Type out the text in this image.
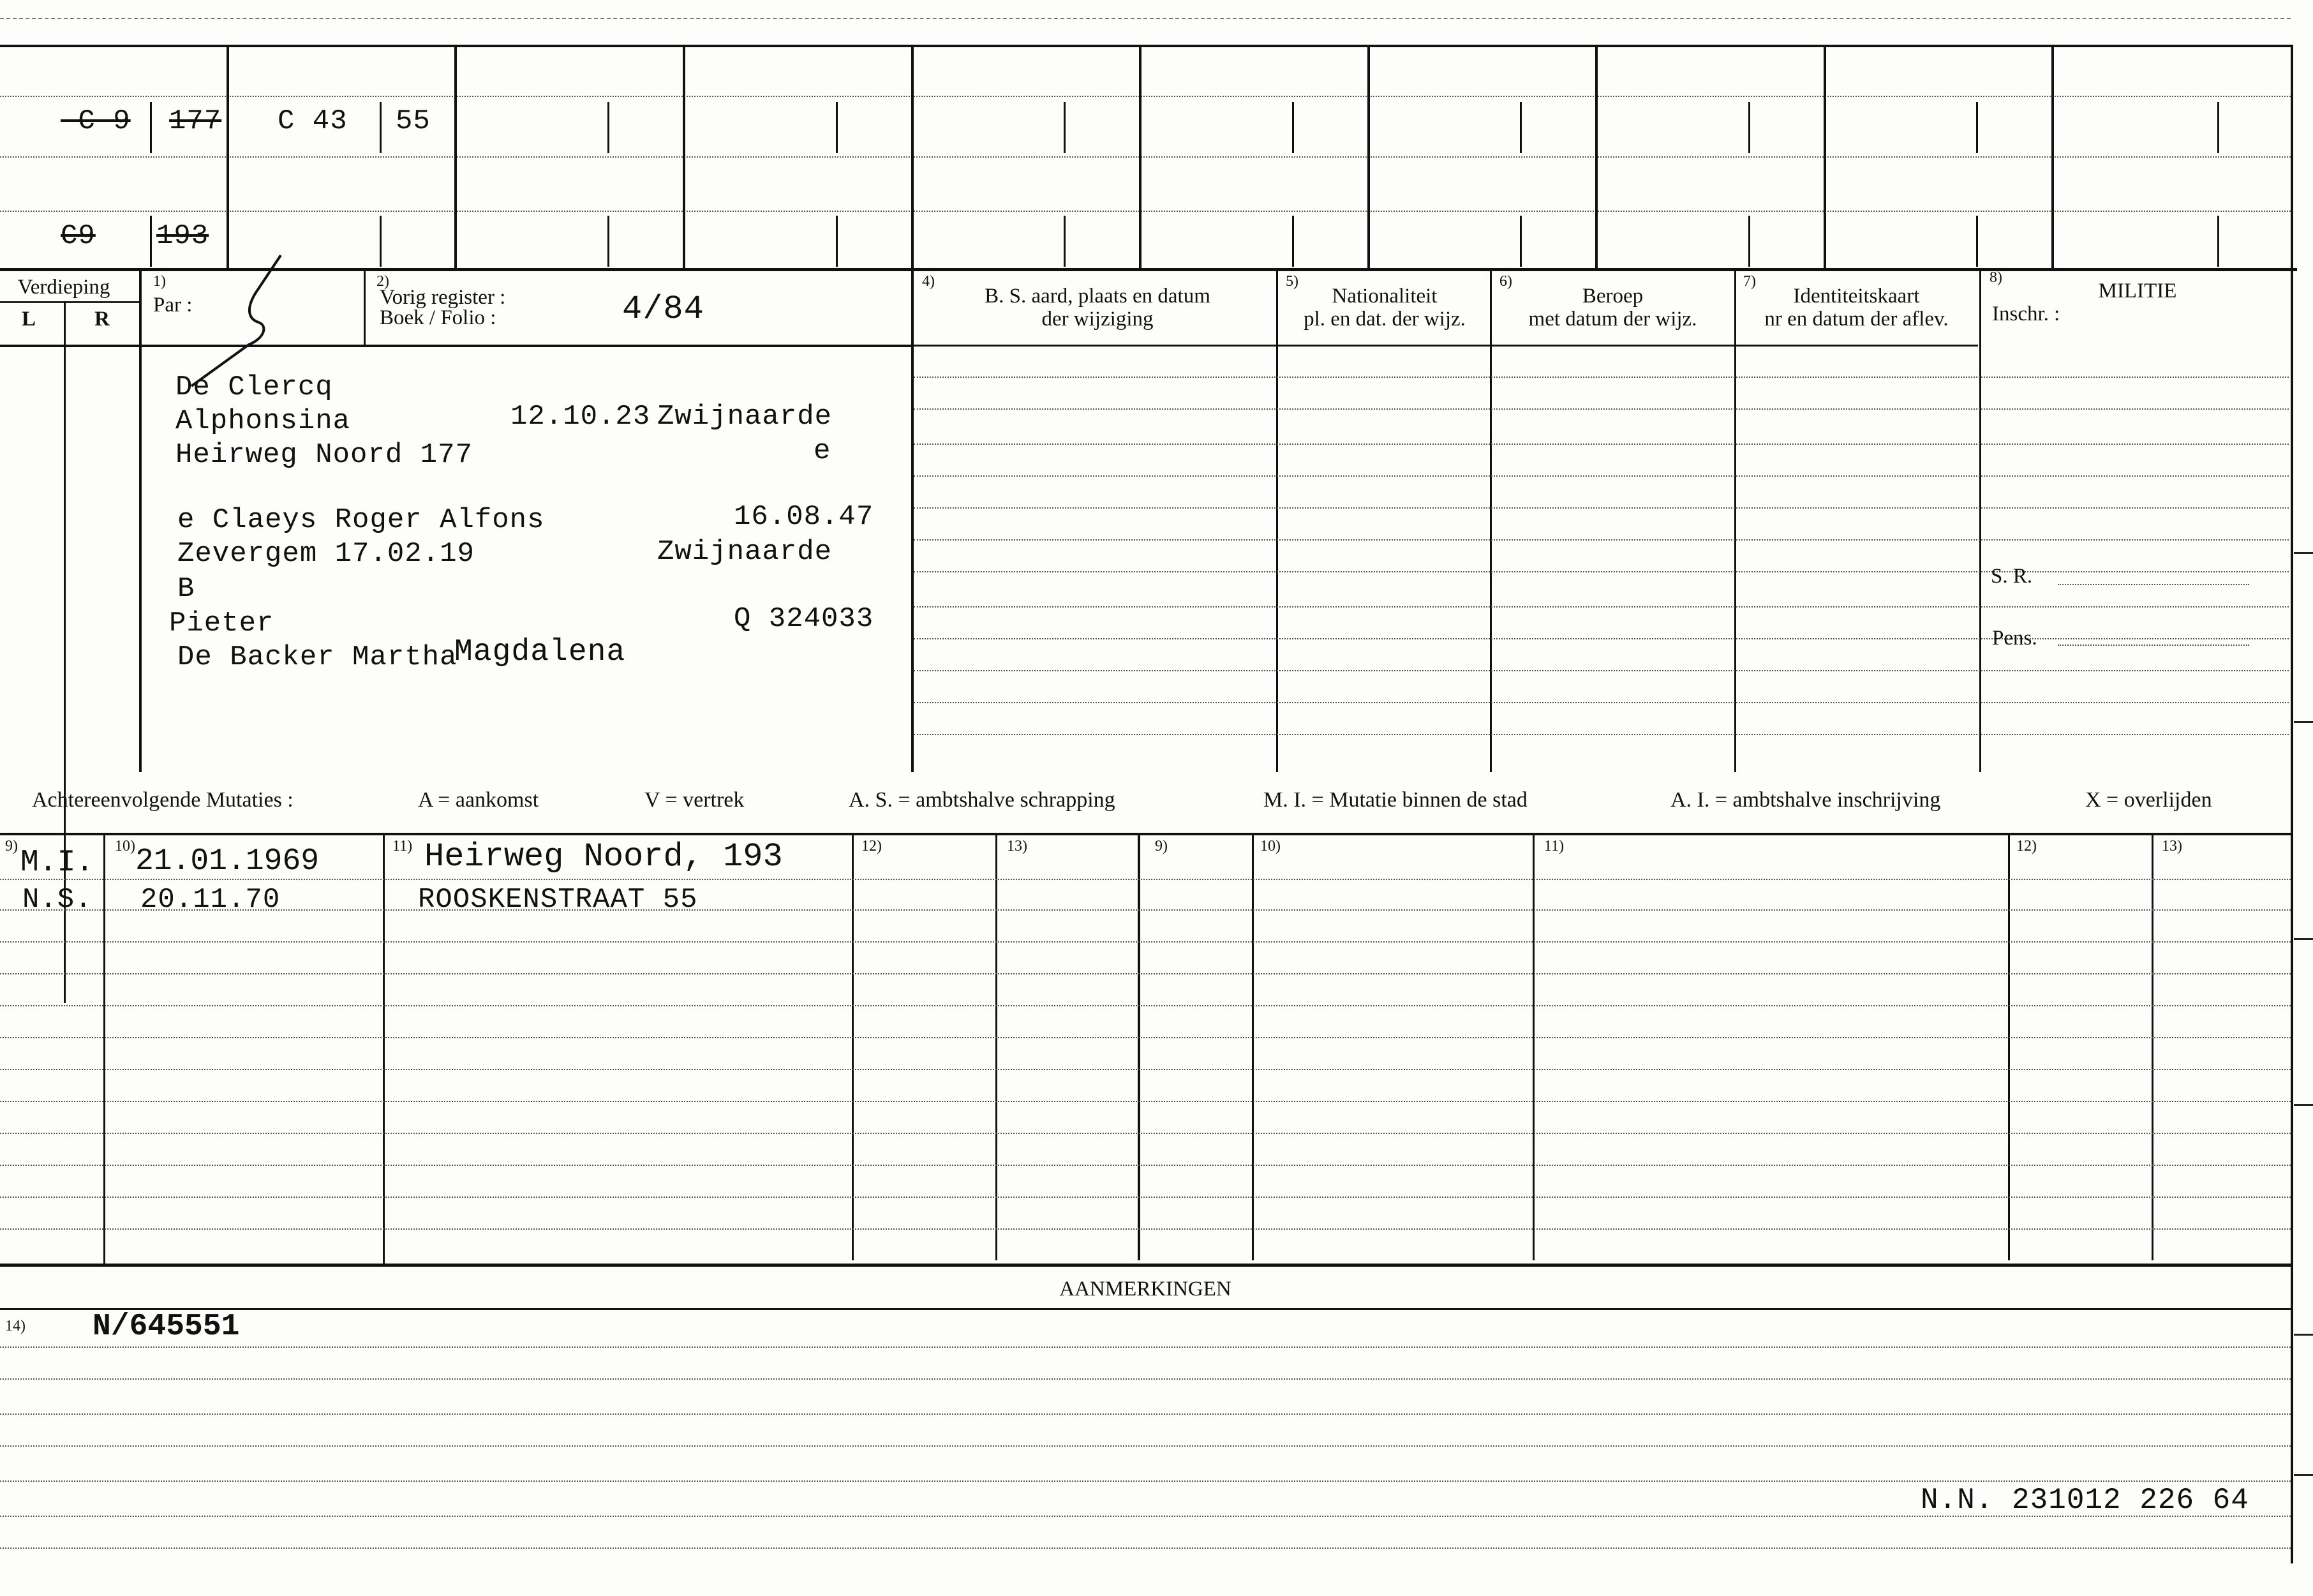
-C 9 177 C 43 55
C9 193
Verdieping
L	R
1)
Par :
2)
Vorig register :
Boek / Folio :	4/84
4)
B. S. aard, plaats en datum
der wijziging
5)
Nationaliteit
pl. en dat. der wijz.
6)
Beroep
met datum der wijz.
7)
Identiteitskaart
nr en datum der aflev.
8)
MILITIE
Inschr. :
De Clercq
Alphonsina	12.10.23 Zwijnaarde
Heirweg Noord 177	e
e Claeys Roger Alfons	16.08.47
Zevergem 17.02.19	Zwijnaarde
B
Pieter	Q 324033
De Backer Martha
Magdalena
S. R.
Pens.
Achtereenvolgende Mutaties :	A = aankomst	V = vertrek	A. S. = ambtshalve schrapping	M. I. = Mutatie binnen de stad	A. I. = ambtshalve inschrijving	X = overlijden
9)	10)	11)	12)	13)	9)	10)	11)	12)	13)
M.I. 21.01.1969	Heirweg Noord, 193
N.S. 20.11.70	ROOSKENSTRAAT 55
AANMERKINGEN
14) N/645551
N.N. 231012 226 64
